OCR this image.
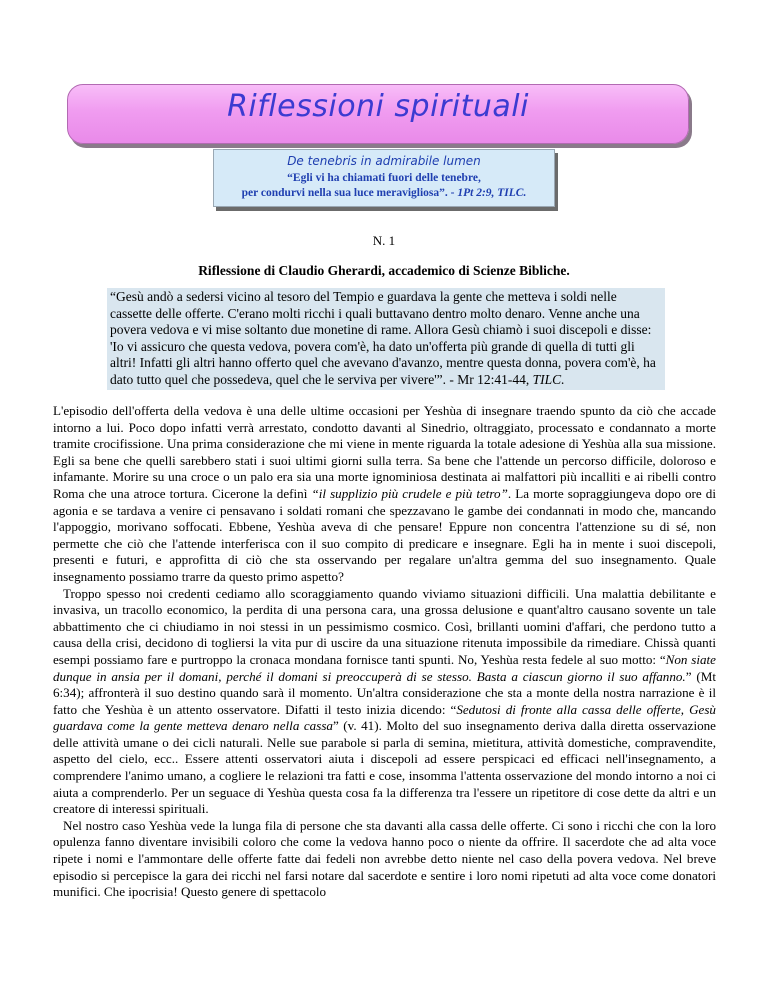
Riflessioni spirituali
De tenebris in admirabile lumen
“Egli vi ha chiamati fuori delle tenebre,
per condurvi nella sua luce meravigliosa”. - 1Pt 2:9, TILC.
N. 1
Riflessione di Claudio Gherardi, accademico di Scienze Bibliche.
“Gesù andò a sedersi vicino al tesoro del Tempio e guardava la gente che metteva i soldi nelle cassette delle offerte. C'erano molti ricchi i quali buttavano dentro molto denaro. Venne anche una povera vedova e vi mise soltanto due monetine di rame. Allora Gesù chiamò i suoi discepoli e disse: 'Io vi assicuro che questa vedova, povera com'è, ha dato un'offerta più grande di quella di tutti gli altri! Infatti gli altri hanno offerto quel che avevano d'avanzo, mentre questa donna, povera com'è, ha dato tutto quel che possedeva, quel che le serviva per vivere'”. - Mr 12:41-44, TILC.

L'episodio dell'offerta della vedova è una delle ultime occasioni per Yeshùa di insegnare traendo spunto da ciò che accade intorno a lui. Poco dopo infatti verrà arrestato, condotto davanti al Sinedrio, oltraggiato, processato e condannato a morte tramite crocifissione. Una prima considerazione che mi viene in mente riguarda la totale adesione di Yeshùa alla sua missione. Egli sa bene che quelli sarebbero stati i suoi ultimi giorni sulla terra. Sa bene che l'attende un percorso difficile, doloroso e infamante. Morire su una croce o un palo era sia una morte ignominiosa destinata ai malfattori più incalliti e ai ribelli contro Roma che una atroce tortura. Cicerone la definì “il supplizio più crudele e più tetro”. La morte sopraggiungeva dopo ore di agonia e se tardava a venire ci pensavano i soldati romani che spezzavano le gambe dei condannati in modo che, mancando l'appoggio, morivano soffocati. Ebbene, Yeshùa aveva di che pensare! Eppure non concentra l'attenzione su di sé, non permette che ciò che l'attende interferisca con il suo compito di predicare e insegnare. Egli ha in mente i suoi discepoli, presenti e futuri, e approfitta di ciò che sta osservando per regalare un'altra gemma del suo insegnamento. Quale insegnamento possiamo trarre da questo primo aspetto?

Troppo spesso noi credenti cediamo allo scoraggiamento quando viviamo situazioni difficili. Una malattia debilitante e invasiva, un tracollo economico, la perdita di una persona cara, una grossa delusione e quant'altro causano sovente un tale abbattimento che ci chiudiamo in noi stessi in un pessimismo cosmico. Così, brillanti uomini d'affari, che perdono tutto a causa della crisi, decidono di togliersi la vita pur di uscire da una situazione ritenuta impossibile da rimediare. Chissà quanti esempi possiamo fare e purtroppo la cronaca mondana fornisce tanti spunti. No, Yeshùa resta fedele al suo motto: “Non siate dunque in ansia per il domani, perché il domani si preoccuperà di se stesso. Basta a ciascun giorno il suo affanno.” (Mt 6:34); affronterà il suo destino quando sarà il momento. Un'altra considerazione che sta a monte della nostra narrazione è il fatto che Yeshùa è un attento osservatore. Difatti il testo inizia dicendo: “Sedutosi di fronte alla cassa delle offerte, Gesù guardava come la gente metteva denaro nella cassa” (v. 41). Molto del suo insegnamento deriva dalla diretta osservazione delle attività umane o dei cicli naturali. Nelle sue parabole si parla di semina, mietitura, attività domestiche, compravendite, aspetto del cielo, ecc.. Essere attenti osservatori aiuta i discepoli ad essere perspicaci ed efficaci nell'insegnamento, a comprendere l'animo umano, a cogliere le relazioni tra fatti e cose, insomma l'attenta osservazione del mondo intorno a noi ci aiuta a comprenderlo. Per un seguace di Yeshùa questa cosa fa la differenza tra l'essere un ripetitore di cose dette da altri e un creatore di interessi spirituali.

Nel nostro caso Yeshùa vede la lunga fila di persone che sta davanti alla cassa delle offerte. Ci sono i ricchi che con la loro opulenza fanno diventare invisibili coloro che come la vedova hanno poco o niente da offrire. Il sacerdote che ad alta voce ripete i nomi e l'ammontare delle offerte fatte dai fedeli non avrebbe detto niente nel caso della povera vedova. Nel breve episodio si percepisce la gara dei ricchi nel farsi notare dal sacerdote e sentire i loro nomi ripetuti ad alta voce come donatori munifici. Che ipocrisia! Questo genere di spettacolo
